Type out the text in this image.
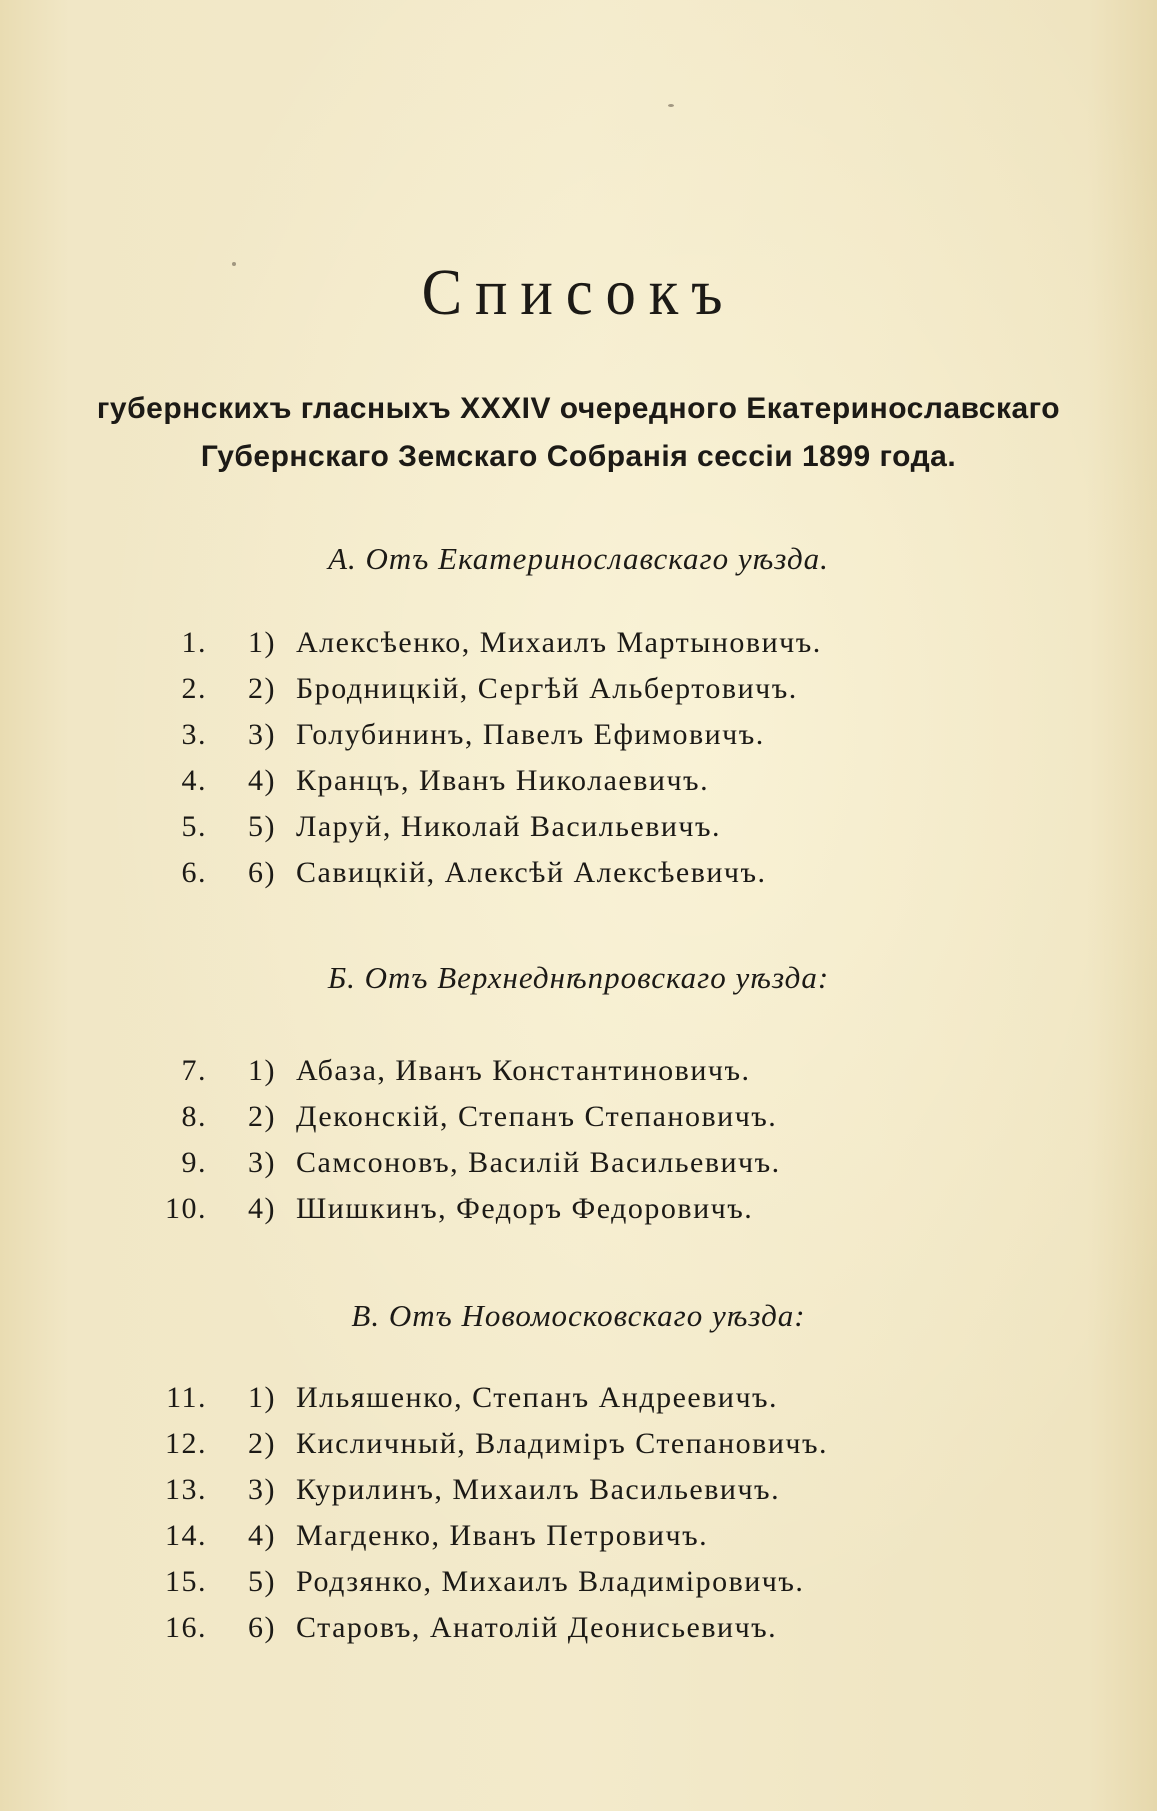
Списокъ
губернскихъ гласныхъ XXXIV очередного Екатеринославскаго
Губернскаго Земскаго Собранія сессіи 1899 года.
А. Отъ Екатеринославскаго уѣзда.
1. 1) Алексѣенко, Михаилъ Мартыновичъ.
2. 2) Бродницкій, Сергѣй Альбертовичъ.
3. 3) Голубининъ, Павелъ Ефимовичъ.
4. 4) Кранцъ, Иванъ Николаевичъ.
5. 5) Ларуй, Николай Васильевичъ.
6. 6) Савицкій, Алексѣй Алексѣевичъ.
Б. Отъ Верхнеднѣпровскаго уѣзда:
7. 1) Абаза, Иванъ Константиновичъ.
8. 2) Деконскій, Степанъ Степановичъ.
9. 3) Самсоновъ, Василій Васильевичъ.
10. 4) Шишкинъ, Федоръ Федоровичъ.
В. Отъ Новомосковскаго уѣзда:
11. 1) Ильяшенко, Степанъ Андреевичъ.
12. 2) Кисличный, Владиміръ Степановичъ.
13. 3) Курилинъ, Михаилъ Васильевичъ.
14. 4) Магденко, Иванъ Петровичъ.
15. 5) Родзянко, Михаилъ Владиміровичъ.
16. 6) Старовъ, Анатолій Деонисьевичъ.
